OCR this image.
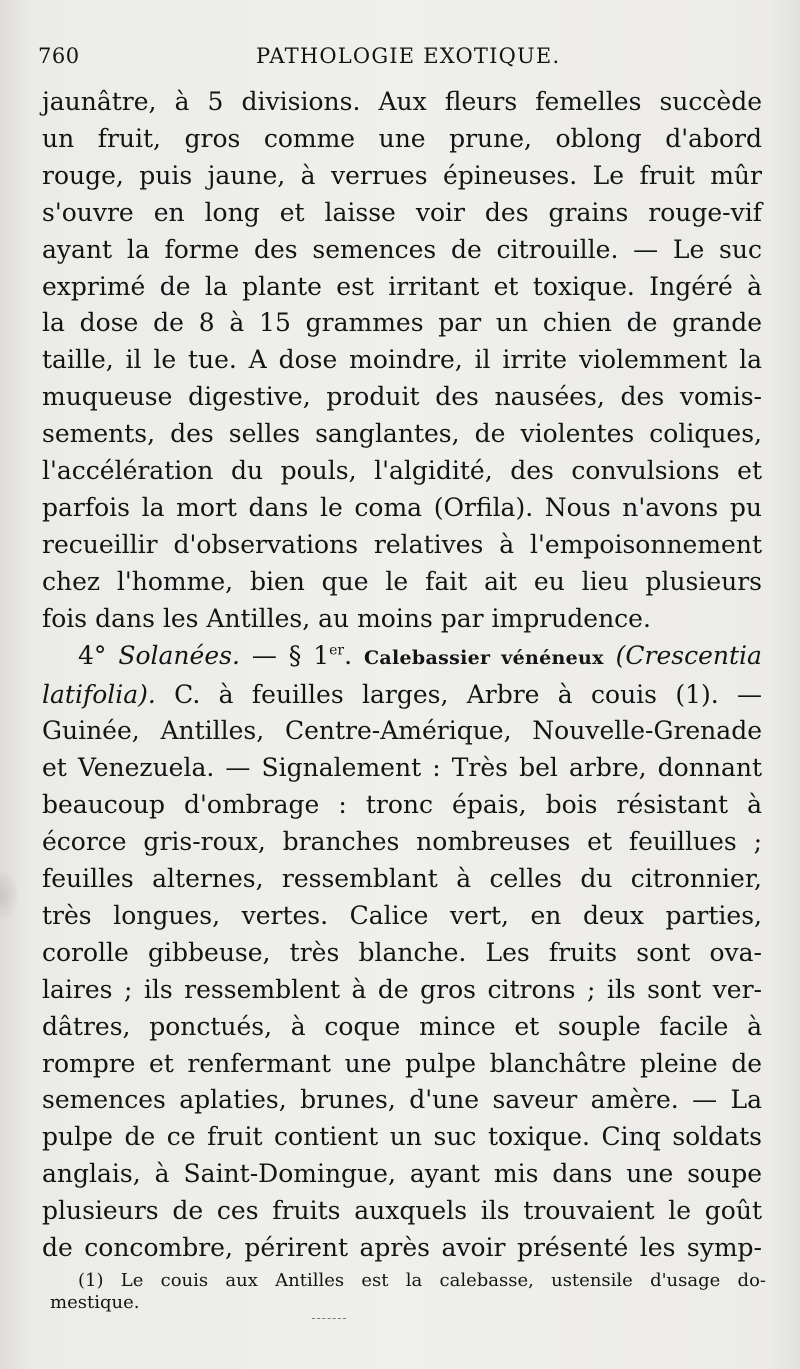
760	PATHOLOGIE EXOTIQUE.
jaunâtre, à 5 divisions. Aux fleurs femelles succède
un fruit, gros comme une prune, oblong d'abord
rouge, puis jaune, à verrues épineuses. Le fruit mûr
s'ouvre en long et laisse voir des grains rouge-vif
ayant la forme des semences de citrouille. — Le suc
exprimé de la plante est irritant et toxique. Ingéré à
la dose de 8 à 15 grammes par un chien de grande
taille, il le tue. A dose moindre, il irrite violemment la
muqueuse digestive, produit des nausées, des vomis-
sements, des selles sanglantes, de violentes coliques,
l'accélération du pouls, l'algidité, des convulsions et
parfois la mort dans le coma (Orfila). Nous n'avons pu
recueillir d'observations relatives à l'empoisonnement
chez l'homme, bien que le fait ait eu lieu plusieurs
fois dans les Antilles, au moins par imprudence.
4° Solanées. — § 1er. Calebassier vénéneux (Crescentia
latifolia). C. à feuilles larges, Arbre à couis (1). —
Guinée, Antilles, Centre-Amérique, Nouvelle-Grenade
et Venezuela. — Signalement : Très bel arbre, donnant
beaucoup d'ombrage : tronc épais, bois résistant à
écorce gris-roux, branches nombreuses et feuillues ;
feuilles alternes, ressemblant à celles du citronnier,
très longues, vertes. Calice vert, en deux parties,
corolle gibbeuse, très blanche. Les fruits sont ova-
laires ; ils ressemblent à de gros citrons ; ils sont ver-
dâtres, ponctués, à coque mince et souple facile à
rompre et renfermant une pulpe blanchâtre pleine de
semences aplaties, brunes, d'une saveur amère. — La
pulpe de ce fruit contient un suc toxique. Cinq soldats
anglais, à Saint-Domingue, ayant mis dans une soupe
plusieurs de ces fruits auxquels ils trouvaient le goût
de concombre, périrent après avoir présenté les symp-
(1) Le couis aux Antilles est la calebasse, ustensile d'usage do-
mestique.
